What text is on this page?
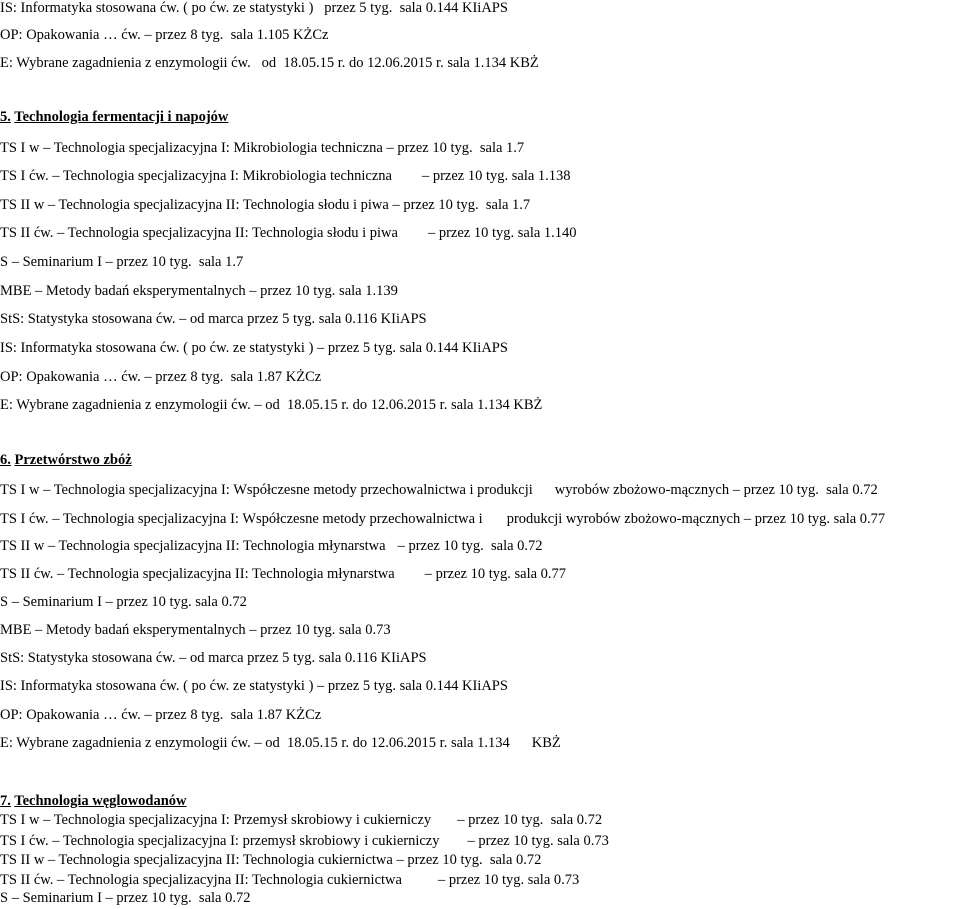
IS: Informatyka stosowana ćw. ( po ćw. ze statystyki )   przez 5 tyg.  sala 0.144 KIiAPS
OP: Opakowania … ćw. – przez 8 tyg.  sala 1.105 KŻCz
E: Wybrane zagadnienia z enzymologii ćw.   od  18.05.15 r. do 12.06.2015 r. sala 1.134 KBŻ
5. Technologia fermentacji i napojów
TS I w – Technologia specjalizacyjna I: Mikrobiologia techniczna – przez 10 tyg.  sala 1.7
TS I ćw. – Technologia specjalizacyjna I: Mikrobiologia techniczna – przez 10 tyg. sala 1.138
TS II w – Technologia specjalizacyjna II: Technologia słodu i piwa – przez 10 tyg.  sala 1.7
TS II ćw. – Technologia specjalizacyjna II: Technologia słodu i piwa – przez 10 tyg. sala 1.140
S – Seminarium I – przez 10 tyg.  sala 1.7
MBE – Metody badań eksperymentalnych – przez 10 tyg. sala 1.139
StS: Statystyka stosowana ćw. – od marca przez 5 tyg. sala 0.116 KIiAPS
IS: Informatyka stosowana ćw. ( po ćw. ze statystyki ) – przez 5 tyg. sala 0.144 KIiAPS
OP: Opakowania … ćw. – przez 8 tyg.  sala 1.87 KŻCz
E: Wybrane zagadnienia z enzymologii ćw. – od  18.05.15 r. do 12.06.2015 r. sala 1.134 KBŻ
6. Przetwórstwo zbóż
TS I w – Technologia specjalizacyjna I: Współczesne metody przechowalnictwa i produkcji wyrobów zbożowo-mącznych – przez 10 tyg.  sala 0.72
TS I ćw. – Technologia specjalizacyjna I: Współczesne metody przechowalnictwa i produkcji wyrobów zbożowo-mącznych – przez 10 tyg. sala 0.77
TS II w – Technologia specjalizacyjna II: Technologia młynarstwa – przez 10 tyg.  sala 0.72
TS II ćw. – Technologia specjalizacyjna II: Technologia młynarstwa – przez 10 tyg. sala 0.77
S – Seminarium I – przez 10 tyg. sala 0.72
MBE – Metody badań eksperymentalnych – przez 10 tyg. sala 0.73
StS: Statystyka stosowana ćw. – od marca przez 5 tyg. sala 0.116 KIiAPS
IS: Informatyka stosowana ćw. ( po ćw. ze statystyki ) – przez 5 tyg. sala 0.144 KIiAPS
OP: Opakowania … ćw. – przez 8 tyg.  sala 1.87 KŻCz
E: Wybrane zagadnienia z enzymologii ćw. – od  18.05.15 r. do 12.06.2015 r. sala 1.134 KBŻ
7. Technologia węglowodanów
TS I w – Technologia specjalizacyjna I: Przemysł skrobiowy i cukierniczy – przez 10 tyg.  sala 0.72
TS I ćw. – Technologia specjalizacyjna I: przemysł skrobiowy i cukierniczy – przez 10 tyg. sala 0.73
TS II w – Technologia specjalizacyjna II: Technologia cukiernictwa – przez 10 tyg.  sala 0.72
TS II ćw. – Technologia specjalizacyjna II: Technologia cukiernictwa – przez 10 tyg. sala 0.73
S – Seminarium I – przez 10 tyg.  sala 0.72
